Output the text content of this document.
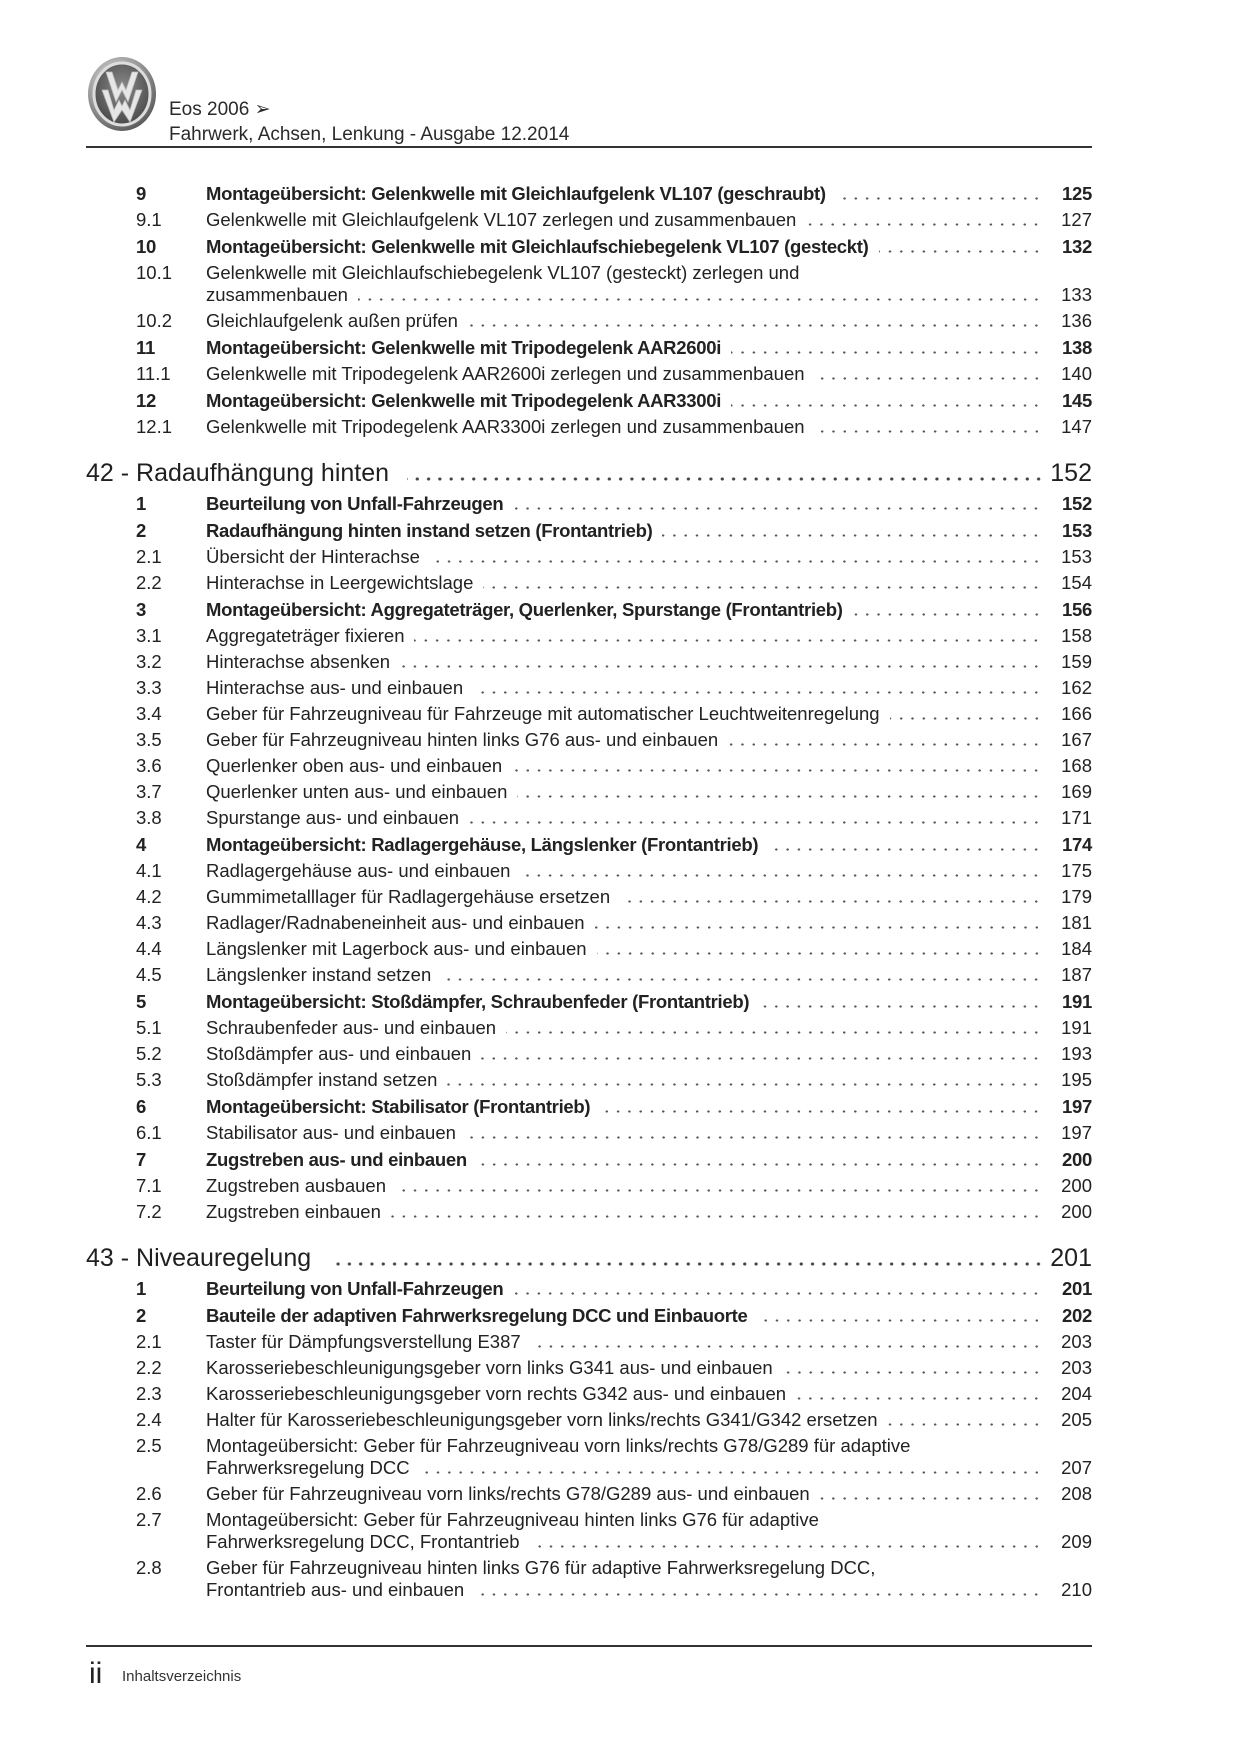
Eos 2006 ➢
Fahrwerk, Achsen, Lenkung - Ausgabe 12.2014
9	Montageübersicht: Gelenkwelle mit Gleichlaufgelenk VL107 (geschraubt)	125
9.1	Gelenkwelle mit Gleichlaufgelenk VL107 zerlegen und zusammenbauen	127
10	Montageübersicht: Gelenkwelle mit Gleichlaufschiebegelenk VL107 (gesteckt)	132
10.1	Gelenkwelle mit Gleichlaufschiebegelenk VL107 (gesteckt) zerlegen und
zusammenbauen	133
10.2	Gleichlaufgelenk außen prüfen	136
11	Montageübersicht: Gelenkwelle mit Tripodegelenk AAR2600i	138
11.1	Gelenkwelle mit Tripodegelenk AAR2600i zerlegen und zusammenbauen	140
12	Montageübersicht: Gelenkwelle mit Tripodegelenk AAR3300i	145
12.1	Gelenkwelle mit Tripodegelenk AAR3300i zerlegen und zusammenbauen	147
42 - Radaufhängung hinten	152
1	Beurteilung von Unfall-Fahrzeugen	152
2	Radaufhängung hinten instand setzen (Frontantrieb)	153
2.1	Übersicht der Hinterachse	153
2.2	Hinterachse in Leergewichtslage	154
3	Montageübersicht: Aggregateträger, Querlenker, Spurstange (Frontantrieb)	156
3.1	Aggregateträger fixieren	158
3.2	Hinterachse absenken	159
3.3	Hinterachse aus- und einbauen	162
3.4	Geber für Fahrzeugniveau für Fahrzeuge mit automatischer Leuchtweitenregelung	166
3.5	Geber für Fahrzeugniveau hinten links G76 aus- und einbauen	167
3.6	Querlenker oben aus- und einbauen	168
3.7	Querlenker unten aus- und einbauen	169
3.8	Spurstange aus- und einbauen	171
4	Montageübersicht: Radlagergehäuse, Längslenker (Frontantrieb)	174
4.1	Radlagergehäuse aus- und einbauen	175
4.2	Gummimetalllager für Radlagergehäuse ersetzen	179
4.3	Radlager/Radnabeneinheit aus- und einbauen	181
4.4	Längslenker mit Lagerbock aus- und einbauen	184
4.5	Längslenker instand setzen	187
5	Montageübersicht: Stoßdämpfer, Schraubenfeder (Frontantrieb)	191
5.1	Schraubenfeder aus- und einbauen	191
5.2	Stoßdämpfer aus- und einbauen	193
5.3	Stoßdämpfer instand setzen	195
6	Montageübersicht: Stabilisator (Frontantrieb)	197
6.1	Stabilisator aus- und einbauen	197
7	Zugstreben aus- und einbauen	200
7.1	Zugstreben ausbauen	200
7.2	Zugstreben einbauen	200
43 - Niveauregelung	201
1	Beurteilung von Unfall-Fahrzeugen	201
2	Bauteile der adaptiven Fahrwerksregelung DCC und Einbauorte	202
2.1	Taster für Dämpfungsverstellung E387	203
2.2	Karosseriebeschleunigungsgeber vorn links G341 aus- und einbauen	203
2.3	Karosseriebeschleunigungsgeber vorn rechts G342 aus- und einbauen	204
2.4	Halter für Karosseriebeschleunigungsgeber vorn links/rechts G341/G342 ersetzen	205
2.5	Montageübersicht: Geber für Fahrzeugniveau vorn links/rechts G78/G289 für adaptive
Fahrwerksregelung DCC	207
2.6	Geber für Fahrzeugniveau vorn links/rechts G78/G289 aus- und einbauen	208
2.7	Montageübersicht: Geber für Fahrzeugniveau hinten links G76 für adaptive
Fahrwerksregelung DCC, Frontantrieb	209
2.8	Geber für Fahrzeugniveau hinten links G76 für adaptive Fahrwerksregelung DCC,
Frontantrieb aus- und einbauen	210
ii Inhaltsverzeichnis
